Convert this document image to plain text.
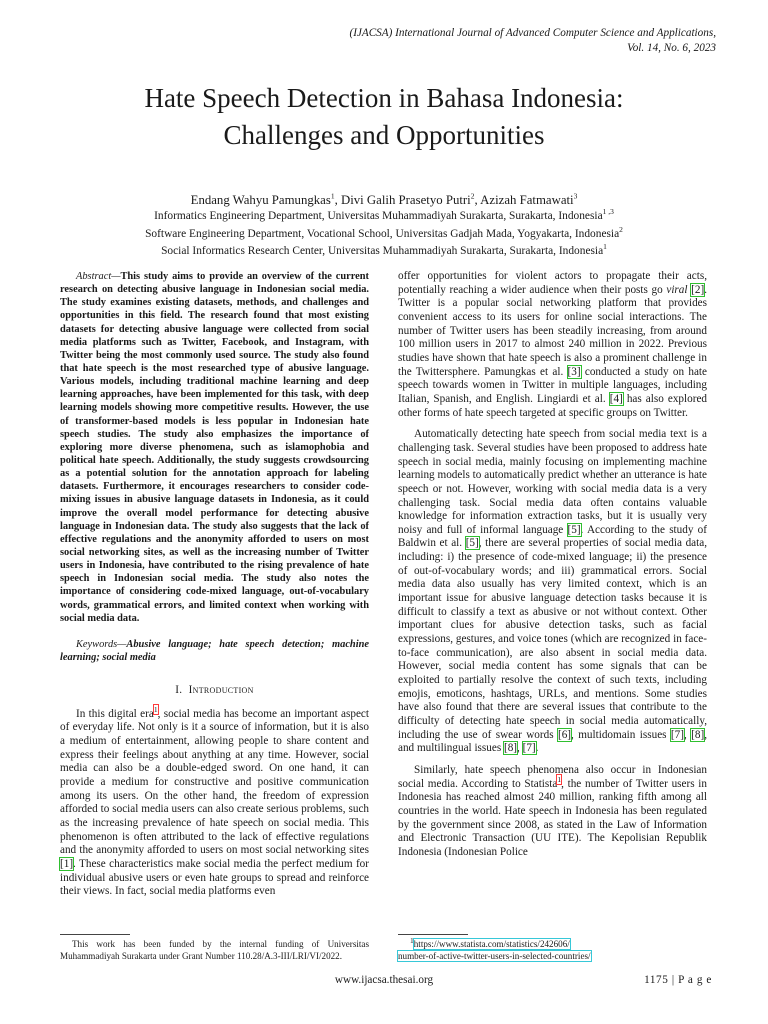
(IJACSA) International Journal of Advanced Computer Science and Applications,
Vol. 14, No. 6, 2023
Hate Speech Detection in Bahasa Indonesia:
Challenges and Opportunities
Endang Wahyu Pamungkas$^1$, Divi Galih Prasetyo Putri$^2$, Azizah Fatmawati$^3$
Informatics Engineering Department, Universitas Muhammadiyah Surakarta, Surakarta, Indonesia$^{1 ,3}$
Software Engineering Department, Vocational School, Universitas Gadjah Mada, Yogyakarta, Indonesia$^2$
Social Informatics Research Center, Universitas Muhammadiyah Surakarta, Surakarta, Indonesia$^1$

Abstract—This study aims to provide an overview of the current research on detecting abusive language in Indonesian social media. The study examines existing datasets, methods, and challenges and opportunities in this field. The research found that most existing datasets for detecting abusive language were collected from social media platforms such as Twitter, Facebook, and Instagram, with Twitter being the most commonly used source. The study also found that hate speech is the most researched type of abusive language. Various models, including traditional machine learning and deep learning approaches, have been implemented for this task, with deep learning models showing more competitive results. However, the use of transformer-based models is less popular in Indonesian hate speech studies. The study also emphasizes the importance of exploring more diverse phenomena, such as islamophobia and political hate speech. Additionally, the study suggests crowdsourcing as a potential solution for the annotation approach for labeling datasets. Furthermore, it encourages researchers to consider code-mixing issues in abusive language datasets in Indonesia, as it could improve the overall model performance for detecting abusive language in Indonesian data. The study also suggests that the lack of effective regulations and the anonymity afforded to users on most social networking sites, as well as the increasing number of Twitter users in Indonesia, have contributed to the rising prevalence of hate speech in Indonesian social media. The study also notes the importance of considering code-mixed language, out-of-vocabulary words, grammatical errors, and limited context when working with social media data.

Keywords—Abusive language; hate speech detection; machine learning; social media

I. Introduction

In this digital era$^1$, social media has become an important aspect of everyday life. Not only is it a source of information, but it is also a medium of entertainment, allowing people to share content and express their feelings about anything at any time. However, social media can also be a double-edged sword. On one hand, it can provide a medium for constructive and positive communication among its users. On the other hand, the freedom of expression afforded to social media users can also create serious problems, such as the increasing prevalence of hate speech on social media. This phenomenon is often attributed to the lack of effective regulations and the anonymity afforded to users on most social networking sites [1]. These characteristics make social media the perfect medium for individual abusive users or even hate groups to spread and reinforce their views. In fact, social media platforms even

offer opportunities for violent actors to propagate their acts, potentially reaching a wider audience when their posts go viral [2]. Twitter is a popular social networking platform that provides convenient access to its users for online social interactions. The number of Twitter users has been steadily increasing, from around 100 million users in 2017 to almost 240 million in 2022. Previous studies have shown that hate speech is also a prominent challenge in the Twittersphere. Pamungkas et al. [3] conducted a study on hate speech towards women in Twitter in multiple languages, including Italian, Spanish, and English. Lingiardi et al. [4] has also explored other forms of hate speech targeted at specific groups on Twitter.

Automatically detecting hate speech from social media text is a challenging task. Several studies have been proposed to address hate speech in social media, mainly focusing on implementing machine learning models to automatically predict whether an utterance is hate speech or not. However, working with social media data is a very challenging task. Social media data often contains valuable knowledge for information extraction tasks, but it is usually very noisy and full of informal language [5]. According to the study of Baldwin et al. [5], there are several properties of social media data, including: i) the presence of code-mixed language; ii) the presence of out-of-vocabulary words; and iii) grammatical errors. Social media data also usually has very limited context, which is an important issue for abusive language detection tasks because it is difficult to classify a text as abusive or not without context. Other important clues for abusive detection tasks, such as facial expressions, gestures, and voice tones (which are recognized in face-to-face communication), are also absent in social media data. However, social media content has some signals that can be exploited to partially resolve the context of such texts, including emojis, emoticons, hashtags, URLs, and mentions. Some studies have also found that there are several issues that contribute to the difficulty of detecting hate speech in social media automatically, including the use of swear words [6], multidomain issues [7], [8], and multilingual issues [8], [7].

Similarly, hate speech phenomena also occur in Indonesian social media. According to Statista$^1$, the number of Twitter users in Indonesia has reached almost 240 million, ranking fifth among all countries in the world. Hate speech in Indonesia has been regulated by the government since 2008, as stated in the Law of Information and Electronic Transaction (UU ITE). The Kepolisian Republik Indonesia (Indonesian Police

This work has been funded by the internal funding of Universitas Muhammadiyah Surakarta under Grant Number 110.28/A.3-III/LRI/VI/2022.
$^1$https://www.statista.com/statistics/242606/
number-of-active-twitter-users-in-selected-countries/
www.ijacsa.thesai.org	1175 | P a g e
